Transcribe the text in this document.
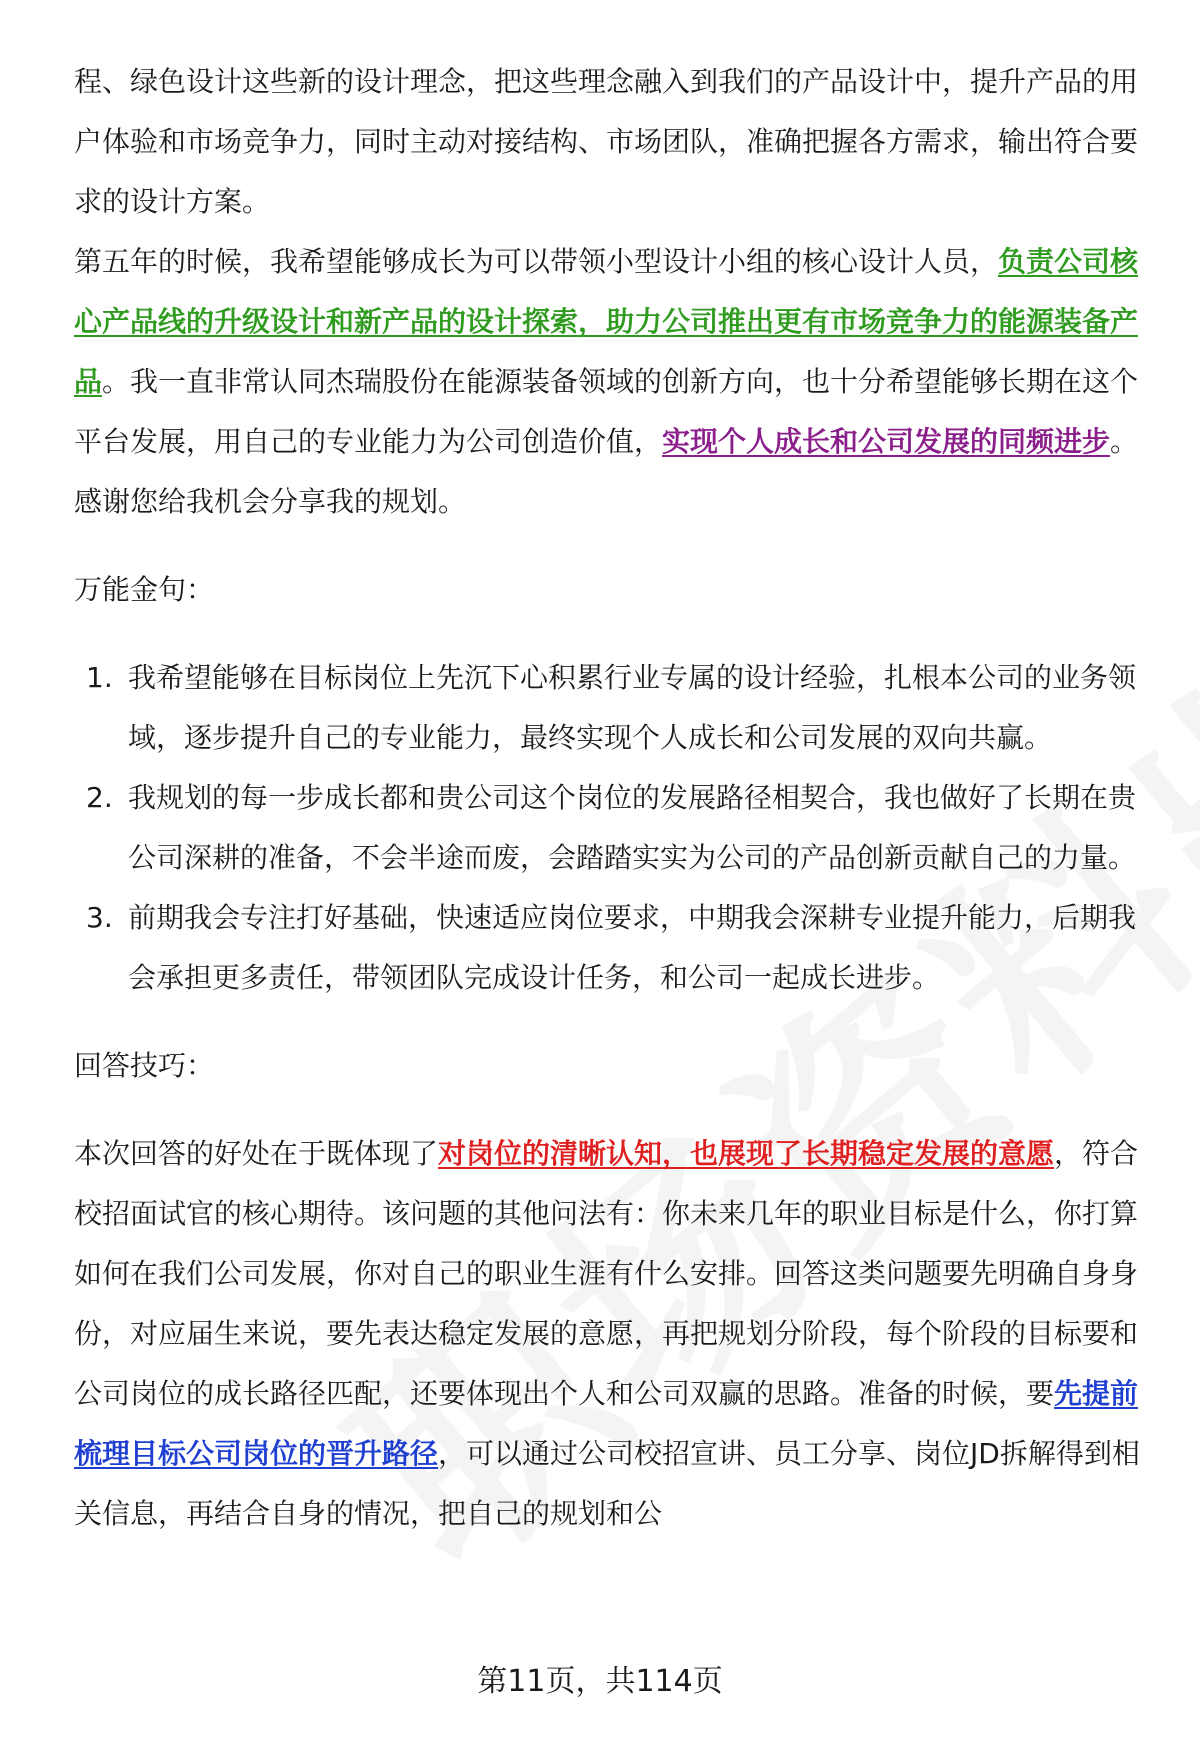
程、绿色设计这些新的设计理念，把这些理念融入到我们的产品设计中，提升产品的用户体验和市场竞争力，同时主动对接结构、市场团队，准确把握各方需求，输出符合要求的设计方案。

第五年的时候，我希望能够成长为可以带领小型设计小组的核心设计人员，负责公司核心产品线的升级设计和新产品的设计探索，助力公司推出更有市场竞争力的能源装备产品。我一直非常认同杰瑞股份在能源装备领域的创新方向，也十分希望能够长期在这个平台发展，用自己的专业能力为公司创造价值，实现个人成长和公司发展的同频进步。感谢您给我机会分享我的规划。

万能金句：

1. 我希望能够在目标岗位上先沉下心积累行业专属的设计经验，扎根本公司的业务领域，逐步提升自己的专业能力，最终实现个人成长和公司发展的双向共赢。
2. 我规划的每一步成长都和贵公司这个岗位的发展路径相契合，我也做好了长期在贵公司深耕的准备，不会半途而废，会踏踏实实为公司的产品创新贡献自己的力量。
3. 前期我会专注打好基础，快速适应岗位要求，中期我会深耕专业提升能力，后期我会承担更多责任，带领团队完成设计任务，和公司一起成长进步。

回答技巧：

本次回答的好处在于既体现了对岗位的清晰认知，也展现了长期稳定发展的意愿，符合校招面试官的核心期待。该问题的其他问法有：你未来几年的职业目标是什么，你打算如何在我们公司发展，你对自己的职业生涯有什么安排。回答这类问题要先明确自身身份，对应届生来说，要先表达稳定发展的意愿，再把规划分阶段，每个阶段的目标要和公司岗位的成长路径匹配，还要体现出个人和公司双赢的思路。准备的时候，要先提前梳理目标公司岗位的晋升路径，可以通过公司校招宣讲、员工分享、岗位JD拆解得到相关信息，再结合自身的情况，把自己的规划和公

第11页，共114页
